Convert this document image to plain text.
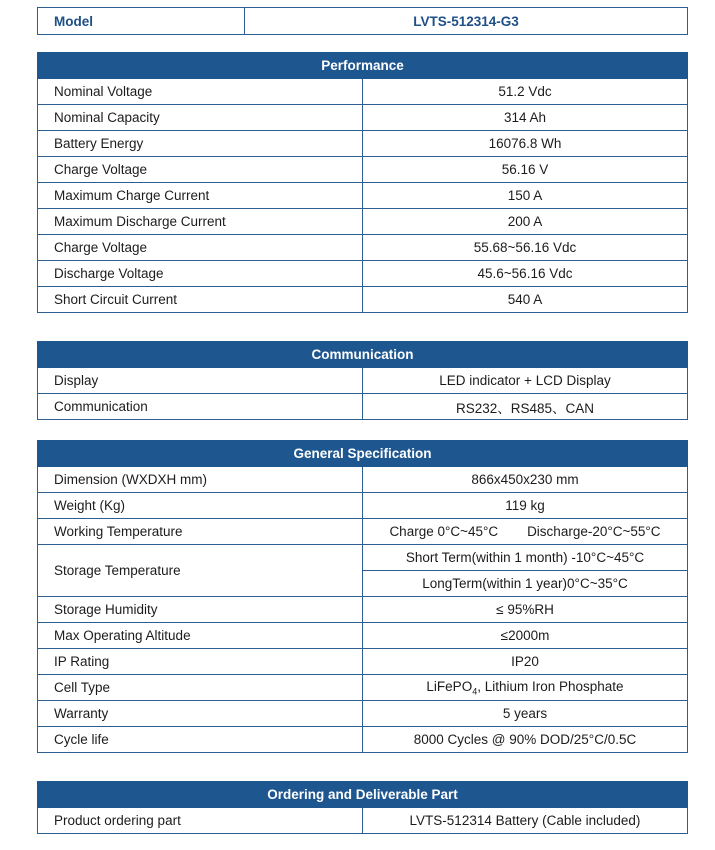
Model	LVTS-512314-G3
Performance	
Nominal Voltage	51.2 Vdc
Nominal Capacity	314 Ah
Battery Energy	16076.8 Wh
Charge Voltage	56.16 V
Maximum Charge Current	150 A
Maximum Discharge Current	200 A
Charge Voltage	55.68~56.16 Vdc
Discharge Voltage	45.6~56.16 Vdc
Short Circuit Current	540 A
Communication	
Display	LED indicator + LCD Display
Communication	RS232、RS485、CAN
General Specification	
Dimension (WXDXH mm)	866x450x230 mm
Weight (Kg)	119 kg
Working Temperature	Charge 0°C~45°C Discharge-20°C~55°C

Storage Temperature	Short Term(within 1 month) -10°C~45°C
	LongTerm(within 1 year)0°C~35°C
Storage Humidity	≤ 95%RH
Max Operating Altitude	≤2000m
IP Rating	IP20
Cell Type	LiFePO$_4$, Lithium Iron Phosphate
Warranty	5 years
Cycle life	8000 Cycles @ 90% DOD/25°C/0.5C
Ordering and Deliverable Part
Product ordering part	LVTS-512314 Battery (Cable included)
